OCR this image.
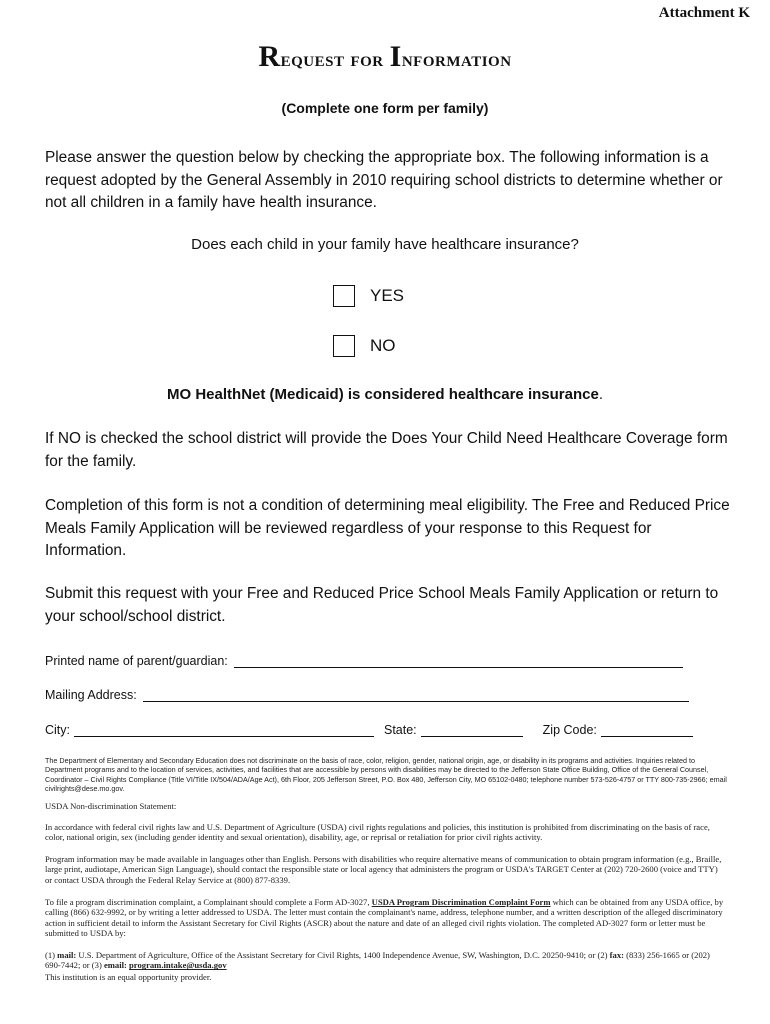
Attachment K
Request for Information
(Complete one form per family)
Please answer the question below by checking the appropriate box. The following information is a request adopted by the General Assembly in 2010 requiring school districts to determine whether or not all children in a family have health insurance.
Does each child in your family have healthcare insurance?
YES
NO
MO HealthNet (Medicaid) is considered healthcare insurance.
If NO is checked the school district will provide the Does Your Child Need Healthcare Coverage form for the family.
Completion of this form is not a condition of determining meal eligibility. The Free and Reduced Price Meals Family Application will be reviewed regardless of your response to this Request for Information.
Submit this request with your Free and Reduced Price School Meals Family Application or return to your school/school district.
Printed name of parent/guardian:
Mailing Address:
City:	State:	Zip Code:
The Department of Elementary and Secondary Education does not discriminate on the basis of race, color, religion, gender, national origin, age, or disability in its programs and activities. Inquiries related to Department programs and to the location of services, activities, and facilities that are accessible by persons with disabilities may be directed to the Jefferson State Office Building, Office of the General Counsel, Coordinator – Civil Rights Compliance (Title VI/Title IX/504/ADA/Age Act), 6th Floor, 205 Jefferson Street, P.O. Box 480, Jefferson City, MO 65102-0480; telephone number 573-526-4757 or TTY 800-735-2966; email civilrights@dese.mo.gov.
USDA Non-discrimination Statement:
In accordance with federal civil rights law and U.S. Department of Agriculture (USDA) civil rights regulations and policies, this institution is prohibited from discriminating on the basis of race, color, national origin, sex (including gender identity and sexual orientation), disability, age, or reprisal or retaliation for prior civil rights activity.
Program information may be made available in languages other than English. Persons with disabilities who require alternative means of communication to obtain program information (e.g., Braille, large print, audiotape, American Sign Language), should contact the responsible state or local agency that administers the program or USDA's TARGET Center at (202) 720-2600 (voice and TTY) or contact USDA through the Federal Relay Service at (800) 877-8339.
To file a program discrimination complaint, a Complainant should complete a Form AD-3027, USDA Program Discrimination Complaint Form which can be obtained from any USDA office, by calling (866) 632-9992, or by writing a letter addressed to USDA. The letter must contain the complainant's name, address, telephone number, and a written description of the alleged discriminatory action in sufficient detail to inform the Assistant Secretary for Civil Rights (ASCR) about the nature and date of an alleged civil rights violation. The completed AD-3027 form or letter must be submitted to USDA by:
(1) mail: U.S. Department of Agriculture, Office of the Assistant Secretary for Civil Rights, 1400 Independence Avenue, SW, Washington, D.C. 20250-9410; or (2) fax: (833) 256-1665 or (202) 690-7442; or (3) email: program.intake@usda.gov
This institution is an equal opportunity provider.
